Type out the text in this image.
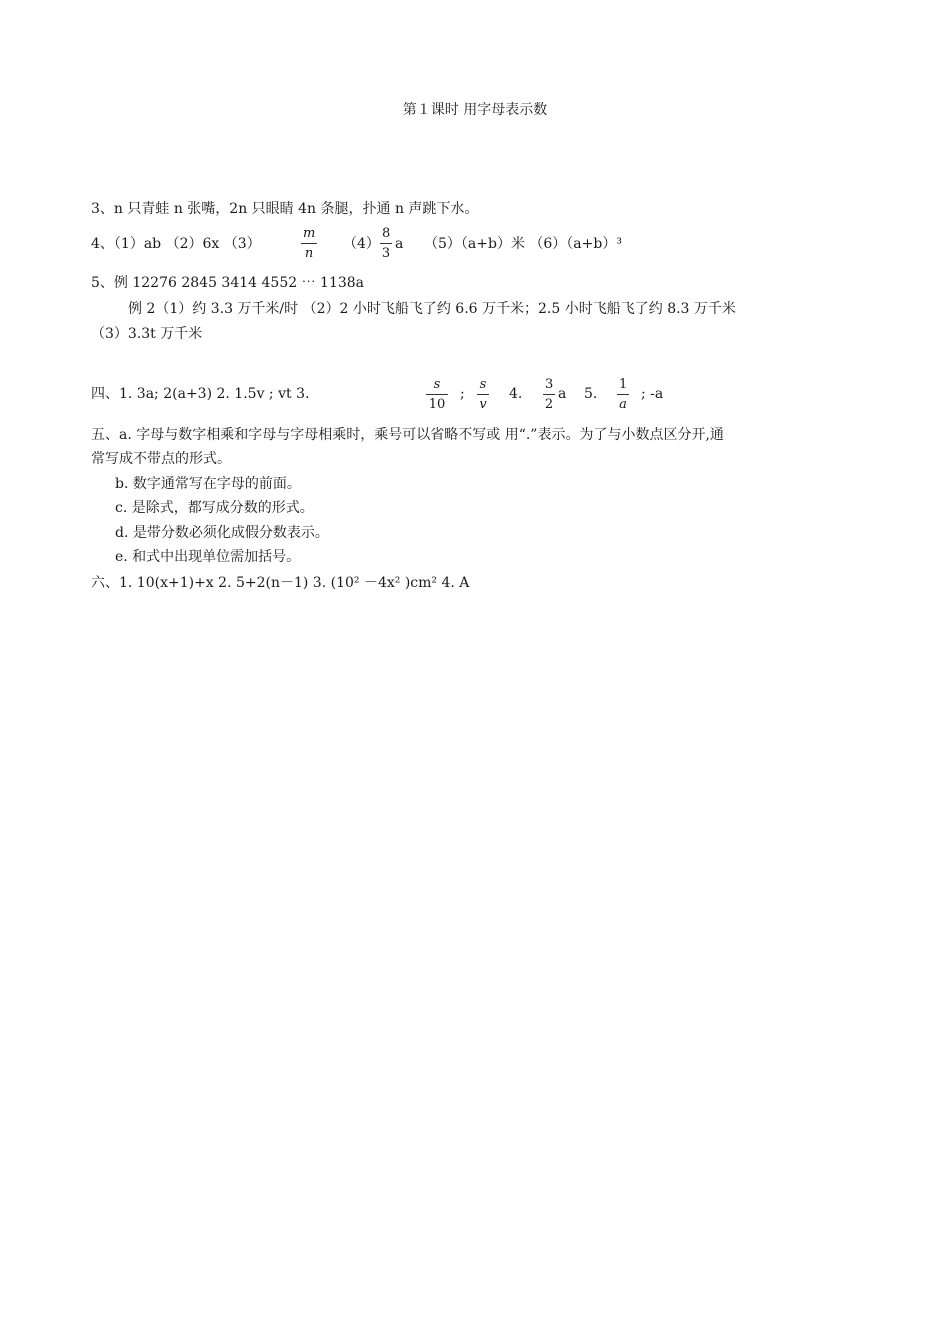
第１课时 用字母表示数
3、n 只青蛙 n 张嘴，2n 只眼睛 4n 条腿，扑通 n 声跳下水。
4、（1）ab （2）6x （3）	$\frac{m}{n} (4) \frac{8}{3}$ a （5）（a+b）米 （6）（a+b）³
5、例 12276 2845 3414 4552 ⋯ 1138a
例 2（1）约 3.3 万千米/时 （2）2 小时飞船飞了约 6.6 万千米；2.5 小时飞船飞了约 8.3 万千米
（3）3.3t 万千米
四、1. 3a; 2(a+3) 2. 1.5v ; vt 3.	$\frac{s}{10}$ ; $\frac{s}{v} 4$. $\frac{3}{2}$ a 5. $\frac{1}{a}$ ; -a
五、a. 字母与数字相乘和字母与字母相乘时，乘号可以省略不写或 用“.”表示。为了与小数点区分开,通
常写成不带点的形式。
b. 数字通常写在字母的前面。
c. 是除式，都写成分数的形式。
d. 是带分数必须化成假分数表示。
e. 和式中出现单位需加括号。
六、1. 10(x+1)+x 2. 5+2(n－1) 3. (10² －4x² )cm² 4. A
